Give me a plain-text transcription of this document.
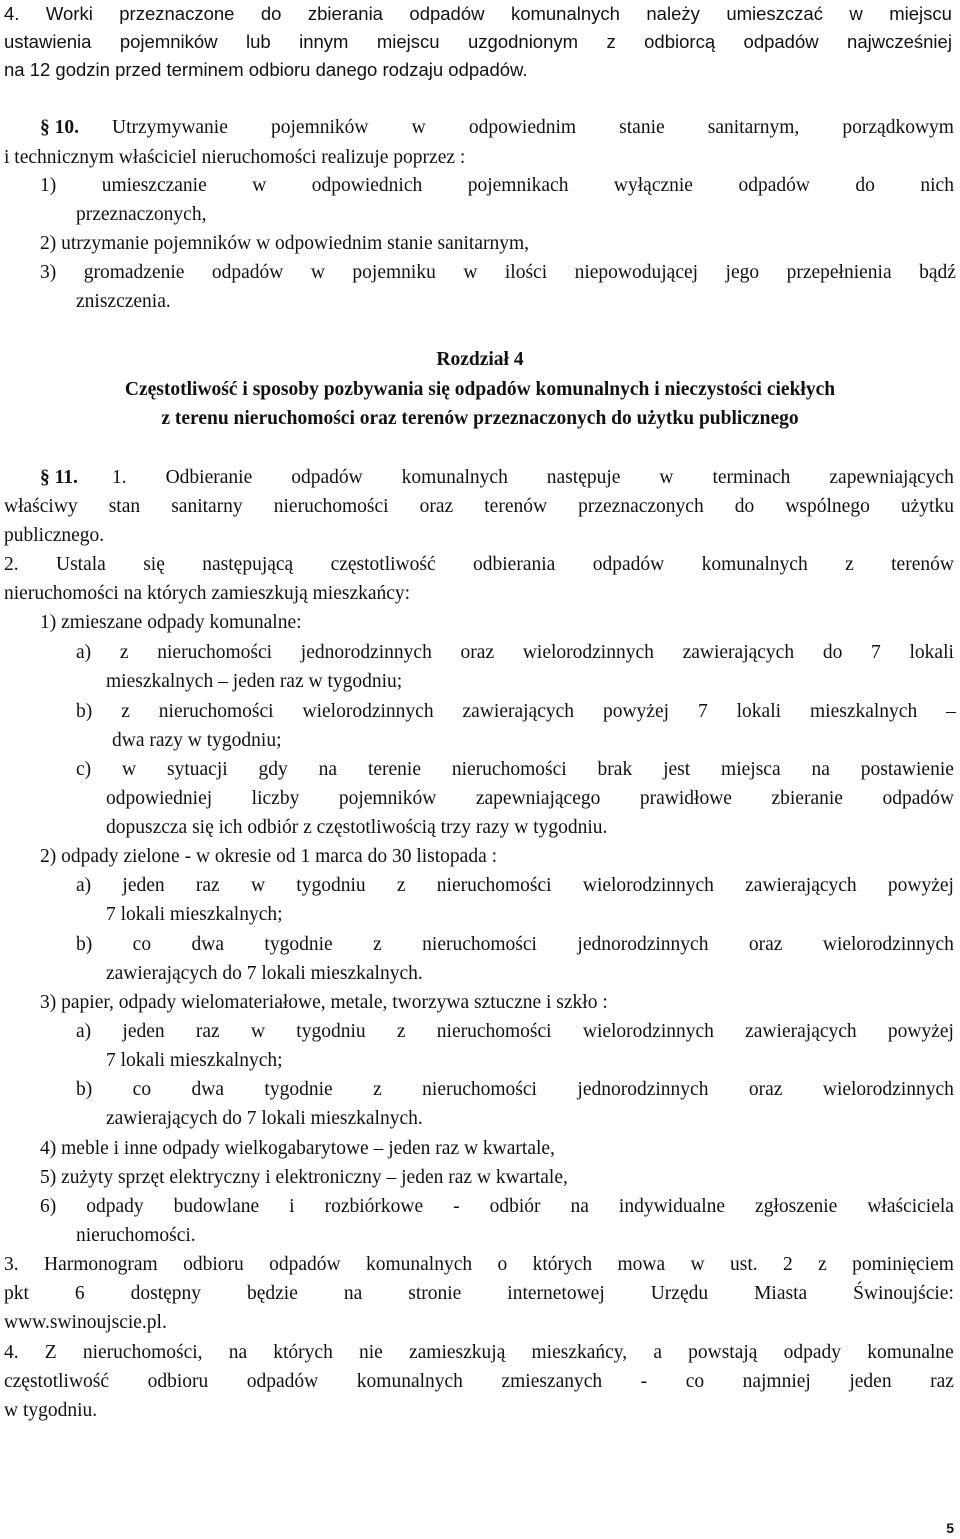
4. Worki przeznaczone do zbierania odpadów komunalnych należy umieszczać w miejscu
ustawienia pojemników lub innym miejscu uzgodnionym z odbiorcą odpadów najwcześniej
na 12 godzin przed terminem odbioru danego rodzaju odpadów.
§ 10. Utrzymywanie pojemników w odpowiednim stanie sanitarnym, porządkowym
i technicznym właściciel nieruchomości realizuje poprzez :
1) umieszczanie w odpowiednich pojemnikach wyłącznie odpadów do nich
przeznaczonych,
2) utrzymanie pojemników w odpowiednim stanie sanitarnym,
3) gromadzenie odpadów w pojemniku w ilości niepowodującej jego przepełnienia bądź
zniszczenia.
Rozdział 4
Częstotliwość i sposoby pozbywania się odpadów komunalnych i nieczystości ciekłych
z terenu nieruchomości oraz terenów przeznaczonych do użytku publicznego
§ 11. 1. Odbieranie odpadów komunalnych następuje w terminach zapewniających
właściwy stan sanitarny nieruchomości oraz terenów przeznaczonych do wspólnego użytku
publicznego.
2. Ustala się następującą częstotliwość odbierania odpadów komunalnych z terenów
nieruchomości na których zamieszkują mieszkańcy:
1) zmieszane odpady komunalne:
a) z nieruchomości jednorodzinnych oraz wielorodzinnych zawierających do 7 lokali
mieszkalnych – jeden raz w tygodniu;
b) z nieruchomości wielorodzinnych zawierających powyżej 7 lokali mieszkalnych –
dwa razy w tygodniu;
c) w sytuacji gdy na terenie nieruchomości brak jest miejsca na postawienie
odpowiedniej liczby pojemników zapewniającego prawidłowe zbieranie odpadów
dopuszcza się ich odbiór z częstotliwością trzy razy w tygodniu.
2) odpady zielone - w okresie od 1 marca do 30 listopada :
a) jeden raz w tygodniu z nieruchomości wielorodzinnych zawierających powyżej
7 lokali mieszkalnych;
b) co dwa tygodnie z nieruchomości jednorodzinnych oraz wielorodzinnych
zawierających do 7 lokali mieszkalnych.
3) papier, odpady wielomateriałowe, metale, tworzywa sztuczne i szkło :
a) jeden raz w tygodniu z nieruchomości wielorodzinnych zawierających powyżej
7 lokali mieszkalnych;
b) co dwa tygodnie z nieruchomości jednorodzinnych oraz wielorodzinnych
zawierających do 7 lokali mieszkalnych.
4) meble i inne odpady wielkogabarytowe – jeden raz w kwartale,
5) zużyty sprzęt elektryczny i elektroniczny – jeden raz w kwartale,
6) odpady budowlane i rozbiórkowe - odbiór na indywidualne zgłoszenie właściciela
nieruchomości.
3. Harmonogram odbioru odpadów komunalnych o których mowa w ust. 2 z pominięciem
pkt 6 dostępny będzie na stronie internetowej Urzędu Miasta Świnoujście:
www.swinoujscie.pl.
4. Z nieruchomości, na których nie zamieszkują mieszkańcy, a powstają odpady komunalne
częstotliwość odbioru odpadów komunalnych zmieszanych - co najmniej jeden raz
w tygodniu.
5
